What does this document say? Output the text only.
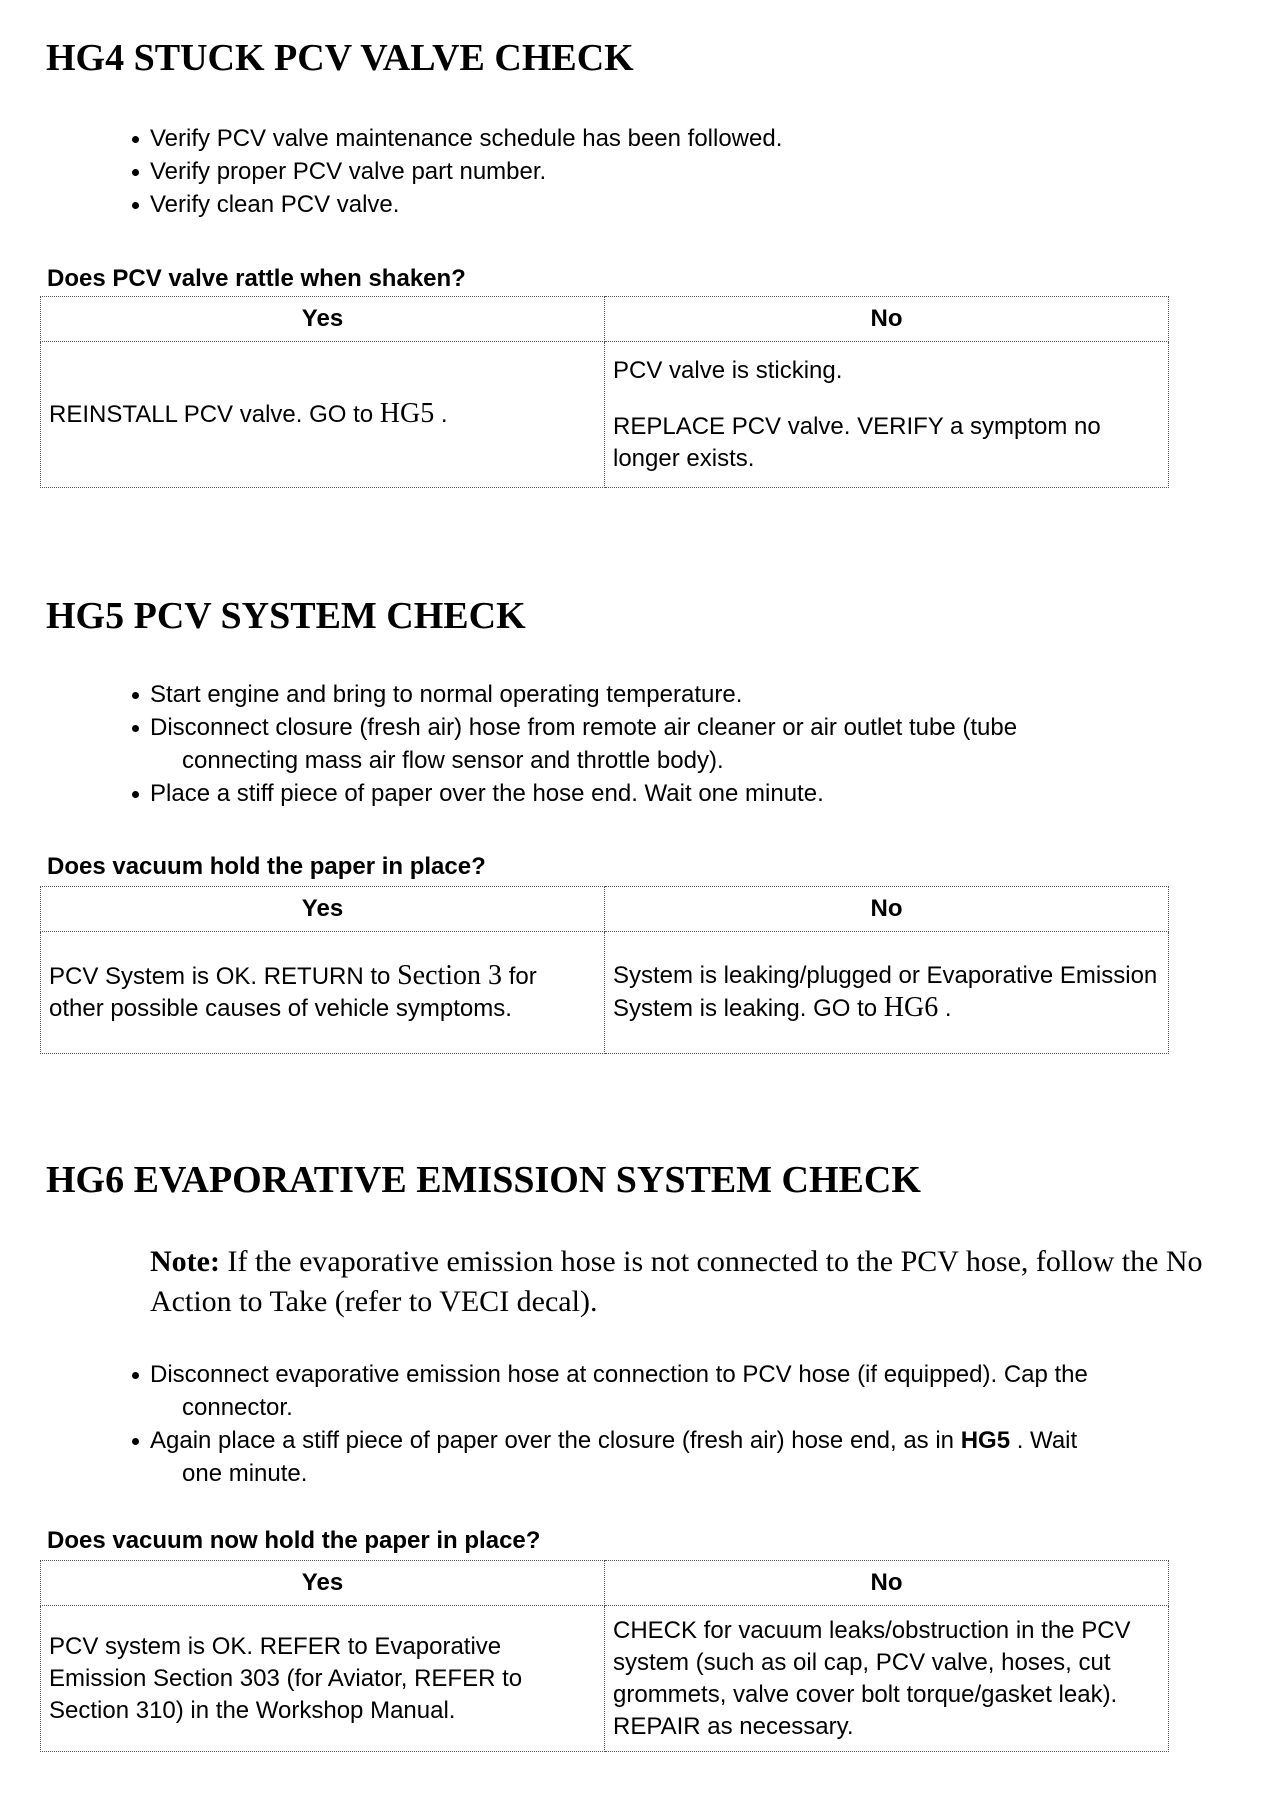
HG4 STUCK PCV VALVE CHECK
Verify PCV valve maintenance schedule has been followed.
Verify proper PCV valve part number.
Verify clean PCV valve.

Does PCV valve rattle when shaken?

Yes	No
REINSTALL PCV valve. GO to HG5 .	PCV valve is sticking.
REPLACE PCV valve. VERIFY a symptom no longer exists.
HG5 PCV SYSTEM CHECK
Start engine and bring to normal operating temperature.
Disconnect closure (fresh air) hose from remote air cleaner or air outlet tube (tube
connecting mass air flow sensor and throttle body).
Place a stiff piece of paper over the hose end. Wait one minute.

Does vacuum hold the paper in place?

Yes	No
PCV System is OK. RETURN to Section 3 for other possible causes of vehicle symptoms.	System is leaking/plugged or Evaporative Emission System is leaking. GO to HG6 .
HG6 EVAPORATIVE EMISSION SYSTEM CHECK

Note: If the evaporative emission hose is not connected to the PCV hose, follow the No Action to Take (refer to VECI decal).

Disconnect evaporative emission hose at connection to PCV hose (if equipped). Cap the
connector.
Again place a stiff piece of paper over the closure (fresh air) hose end, as in HG5 . Wait
one minute.

Does vacuum now hold the paper in place?

Yes	No
PCV system is OK. REFER to Evaporative Emission Section 303 (for Aviator, REFER to Section 310) in the Workshop Manual.	CHECK for vacuum leaks/obstruction in the PCV system (such as oil cap, PCV valve, hoses, cut grommets, valve cover bolt torque/gasket leak). REPAIR as necessary.
